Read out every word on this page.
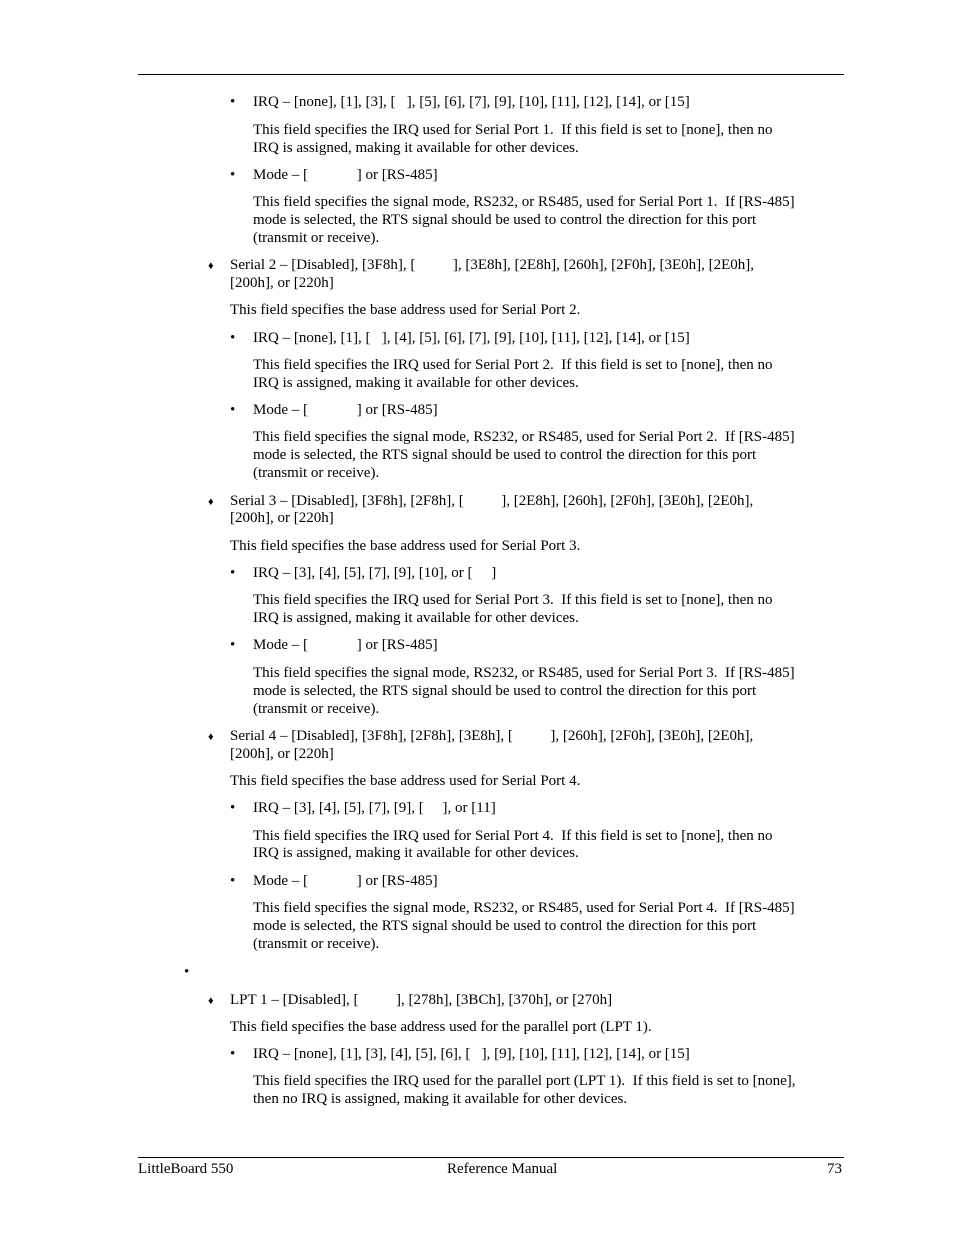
• IRQ – [none], [1], [3], [   ], [5], [6], [7], [9], [10], [11], [12], [14], or [15]
This field specifies the IRQ used for Serial Port 1.  If this field is set to [none], then no
IRQ is assigned, making it available for other devices.
• Mode – [             ] or [RS-485]
This field specifies the signal mode, RS232, or RS485, used for Serial Port 1.  If [RS-485]
mode is selected, the RTS signal should be used to control the direction for this port
(transmit or receive).
♦ Serial 2 – [Disabled], [3F8h], [          ], [3E8h], [2E8h], [260h], [2F0h], [3E0h], [2E0h],
[200h], or [220h]
This field specifies the base address used for Serial Port 2.
• IRQ – [none], [1], [   ], [4], [5], [6], [7], [9], [10], [11], [12], [14], or [15]
This field specifies the IRQ used for Serial Port 2.  If this field is set to [none], then no
IRQ is assigned, making it available for other devices.
• Mode – [             ] or [RS-485]
This field specifies the signal mode, RS232, or RS485, used for Serial Port 2.  If [RS-485]
mode is selected, the RTS signal should be used to control the direction for this port
(transmit or receive).
♦ Serial 3 – [Disabled], [3F8h], [2F8h], [          ], [2E8h], [260h], [2F0h], [3E0h], [2E0h],
[200h], or [220h]
This field specifies the base address used for Serial Port 3.
• IRQ – [3], [4], [5], [7], [9], [10], or [     ]
This field specifies the IRQ used for Serial Port 3.  If this field is set to [none], then no
IRQ is assigned, making it available for other devices.
• Mode – [             ] or [RS-485]
This field specifies the signal mode, RS232, or RS485, used for Serial Port 3.  If [RS-485]
mode is selected, the RTS signal should be used to control the direction for this port
(transmit or receive).
♦ Serial 4 – [Disabled], [3F8h], [2F8h], [3E8h], [          ], [260h], [2F0h], [3E0h], [2E0h],
[200h], or [220h]
This field specifies the base address used for Serial Port 4.
• IRQ – [3], [4], [5], [7], [9], [     ], or [11]
This field specifies the IRQ used for Serial Port 4.  If this field is set to [none], then no
IRQ is assigned, making it available for other devices.
• Mode – [             ] or [RS-485]
This field specifies the signal mode, RS232, or RS485, used for Serial Port 4.  If [RS-485]
mode is selected, the RTS signal should be used to control the direction for this port
(transmit or receive).
•
♦ LPT 1 – [Disabled], [          ], [278h], [3BCh], [370h], or [270h]
This field specifies the base address used for the parallel port (LPT 1).
• IRQ – [none], [1], [3], [4], [5], [6], [   ], [9], [10], [11], [12], [14], or [15]
This field specifies the IRQ used for the parallel port (LPT 1).  If this field is set to [none],
then no IRQ is assigned, making it available for other devices.
LittleBoard 550	Reference Manual	73
